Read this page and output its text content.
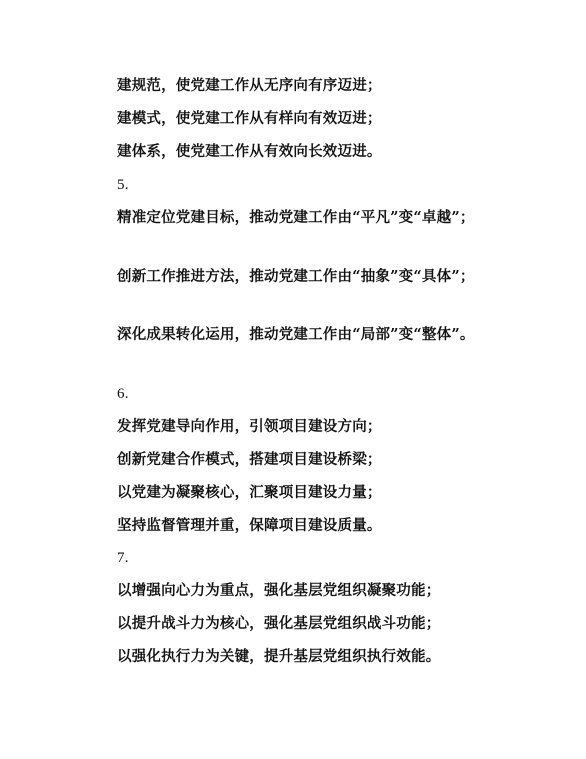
建规范，使党建工作从无序向有序迈进；
建模式，使党建工作从有样向有效迈进；
建体系，使党建工作从有效向长效迈进。
5.
精准定位党建目标，推动党建工作由“平凡”变“卓越”；
创新工作推进方法，推动党建工作由“抽象”变“具体”；
深化成果转化运用，推动党建工作由“局部”变“整体”。
6.
发挥党建导向作用，引领项目建设方向；
创新党建合作模式，搭建项目建设桥梁；
以党建为凝聚核心，汇聚项目建设力量；
坚持监督管理并重，保障项目建设质量。
7.
以增强向心力为重点，强化基层党组织凝聚功能；
以提升战斗力为核心，强化基层党组织战斗功能；
以强化执行力为关键，提升基层党组织执行效能。
